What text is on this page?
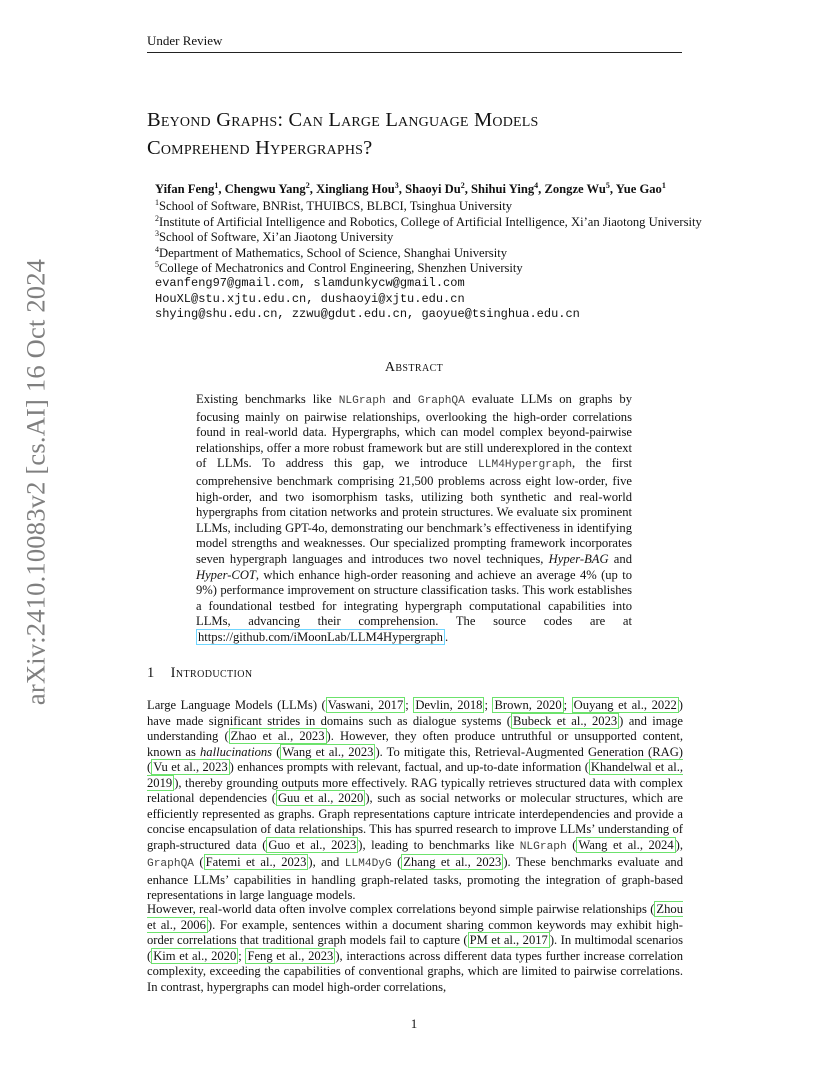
arXiv:2410.10083v2 [cs.AI] 16 Oct 2024
Under Review
Beyond Graphs: Can Large Language Models
Comprehend Hypergraphs?
Yifan Feng$^1$, Chengwu Yang$^2$, Xingliang Hou$^3$, Shaoyi Du$^2$, Shihui Ying$^4$, Zongze Wu$^5$, Yue Gao$^1$
$^1$School of Software, BNRist, THUIBCS, BLBCI, Tsinghua University
$^2$Institute of Artificial Intelligence and Robotics, College of Artificial Intelligence, Xi’an Jiaotong University
$^3$School of Software, Xi’an Jiaotong University
$^4$Department of Mathematics, School of Science, Shanghai University
$^5$College of Mechatronics and Control Engineering, Shenzhen University
evanfeng97@gmail.com, slamdunkycw@gmail.com
HouXL@stu.xjtu.edu.cn, dushaoyi@xjtu.edu.cn
shying@shu.edu.cn, zzwu@gdut.edu.cn, gaoyue@tsinghua.edu.cn
Abstract
Existing benchmarks like NLGraph and GraphQA evaluate LLMs on graphs by focusing mainly on pairwise relationships, overlooking the high-order correlations found in real-world data. Hypergraphs, which can model complex beyond-pairwise relationships, offer a more robust framework but are still underexplored in the context of LLMs. To address this gap, we introduce LLM4Hypergraph, the first comprehensive benchmark comprising 21,500 problems across eight low-order, five high-order, and two isomorphism tasks, utilizing both synthetic and real-world hypergraphs from citation networks and protein structures. We evaluate six prominent LLMs, including GPT-4o, demonstrating our benchmark’s effectiveness in identifying model strengths and weaknesses. Our specialized prompting framework incorporates seven hypergraph languages and introduces two novel techniques, Hyper-BAG and Hyper-COT, which enhance high-order reasoning and achieve an average 4% (up to 9%) performance improvement on structure classification tasks. This work establishes a foundational testbed for integrating hypergraph computational capabilities into LLMs, advancing their comprehension. The source codes are at https://github.com/iMoonLab/LLM4Hypergraph .
1 Introduction
Large Language Models (LLMs) ( Vaswani, 2017 ; Devlin, 2018 ; Brown, 2020 ; Ouyang et al., 2022 ) have made significant strides in domains such as dialogue systems ( Bubeck et al., 2023 ) and image understanding ( Zhao et al., 2023 ). However, they often produce untruthful or unsupported content, known as hallucinations ( Wang et al., 2023 ). To mitigate this, Retrieval-Augmented Generation (RAG) ( Vu et al., 2023 ) enhances prompts with relevant, factual, and up-to-date information ( Khandelwal et al., 2019 ), thereby grounding outputs more effectively. RAG typically retrieves structured data with complex relational dependencies ( Guu et al., 2020 ), such as social networks or molecular structures, which are efficiently represented as graphs. Graph representations capture intricate interdependencies and provide a concise encapsulation of data relationships. This has spurred research to improve LLMs’ understanding of graph-structured data ( Guo et al., 2023 ), leading to benchmarks like NLGraph ( Wang et al., 2024 ), GraphQA ( Fatemi et al., 2023 ), and LLM4DyG ( Zhang et al., 2023 ). These benchmarks evaluate and enhance LLMs’ capabilities in handling graph-related tasks, promoting the integration of graph-based representations in large language models.
However, real-world data often involve complex correlations beyond simple pairwise relationships ( Zhou et al., 2006 ). For example, sentences within a document sharing common keywords may exhibit high-order correlations that traditional graph models fail to capture ( PM et al., 2017 ). In multimodal scenarios ( Kim et al., 2020 ; Feng et al., 2023 ), interactions across different data types further increase correlation complexity, exceeding the capabilities of conventional graphs, which are limited to pairwise correlations. In contrast, hypergraphs can model high-order correlations,
1
